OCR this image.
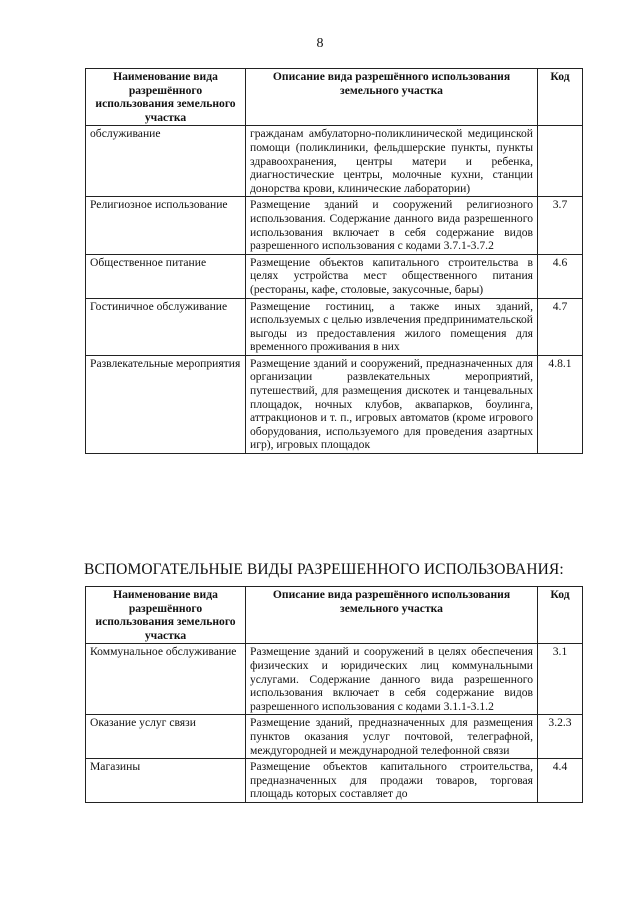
8
Наименование вида разрешённого использования земельного участка	Описание вида разрешённого использования земельного участка	Код
обслуживание	гражданам амбулаторно-поликлинической медицинской помощи (поликлиники, фельдшерские пункты, пункты здравоохранения, центры матери и ребенка, диагностические центры, молочные кухни, станции донорства крови, клинические лаборатории)	
Религиозное использование	Размещение зданий и сооружений религиозного использования. Содержание данного вида разрешенного использования включает в себя содержание видов разрешенного использования с кодами 3.7.1-3.7.2	3.7
Общественное питание	Размещение объектов капитального строительства в целях устройства мест общественного питания (рестораны, кафе, столовые, закусочные, бары)	4.6
Гостиничное обслуживание	Размещение гостиниц, а также иных зданий, используемых с целью извлечения предпринимательской выгоды из предоставления жилого помещения для временного проживания в них	4.7
Развлекательные мероприятия	Размещение зданий и сооружений, предназначенных для организации развлекательных мероприятий, путешествий, для размещения дискотек и танцевальных площадок, ночных клубов, аквапарков, боулинга, аттракционов и т. п., игровых автоматов (кроме игрового оборудования, используемого для проведения азартных игр), игровых площадок	4.8.1
ВСПОМОГАТЕЛЬНЫЕ ВИДЫ РАЗРЕШЕННОГО ИСПОЛЬЗОВАНИЯ:
Наименование вида разрешённого использования земельного участка	Описание вида разрешённого использования земельного участка	Код
Коммунальное обслуживание	Размещение зданий и сооружений в целях обеспечения физических и юридических лиц коммунальными услугами. Содержание данного вида разрешенного использования включает в себя содержание видов разрешенного использования с кодами 3.1.1-3.1.2	3.1
Оказание услуг связи	Размещение зданий, предназначенных для размещения пунктов оказания услуг почтовой, телеграфной, междугородней и международной телефонной связи	3.2.3
Магазины	Размещение объектов капитального строительства, предназначенных для продажи товаров, торговая площадь которых составляет до	4.4
